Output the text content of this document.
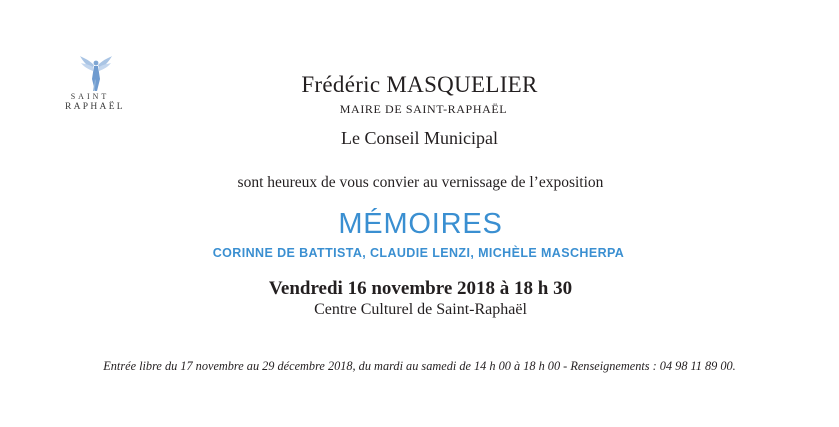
SAINT
RAPHAËL
Frédéric MASQUELIER
MAIRE DE SAINT-RAPHAËL
Le Conseil Municipal
sont heureux de vous convier au vernissage de l’exposition
MÉMOIRES
CORINNE DE BATTISTA, CLAUDIE LENZI, MICHÈLE MASCHERPA
Vendredi 16 novembre 2018 à 18 h 30
Centre Culturel de Saint-Raphaël
Entrée libre du 17 novembre au 29 décembre 2018, du mardi au samedi de 14 h 00 à 18 h 00 - Renseignements : 04 98 11 89 00.
